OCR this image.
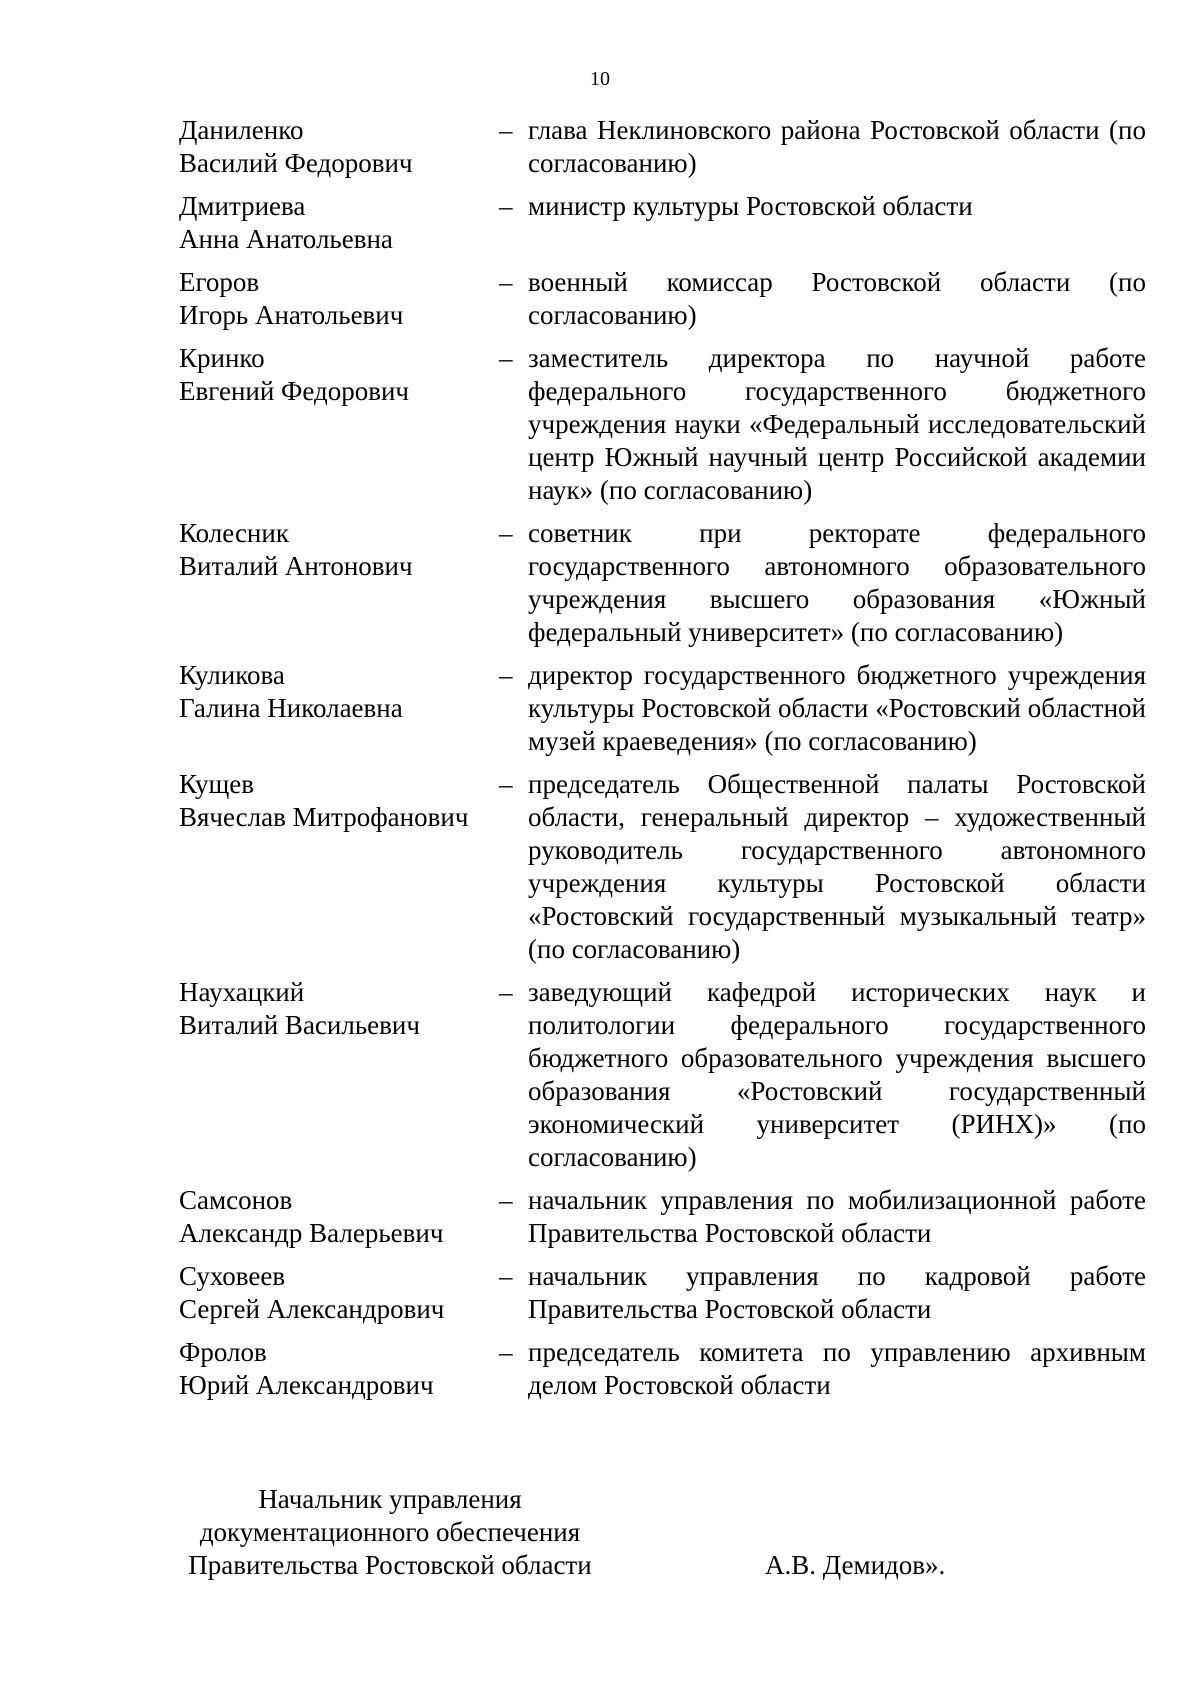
10
Даниленко
Василий Федорович
– глава Неклиновского района Ростовской области (по согласованию)
Дмитриева
Анна Анатольевна
– министр культуры Ростовской области
Егоров
Игорь Анатольевич
– военный комиссар Ростовской области (по согласованию)
Кринко
Евгений Федорович
– заместитель директора по научной работе федерального государственного бюджетного учреждения науки «Федеральный исследовательский центр Южный научный центр Российской академии наук» (по согласованию)
Колесник
Виталий Антонович
– советник при ректорате федерального государственного автономного образовательного учреждения высшего образования «Южный федеральный университет» (по согласованию)
Куликова
Галина Николаевна
– директор государственного бюджетного учреждения культуры Ростовской области «Ростовский областной музей краеведения» (по согласованию)
Кущев
Вячеслав Митрофанович
– председатель Общественной палаты Ростовской области, генеральный директор – художественный руководитель государственного автономного учреждения культуры Ростовской области «Ростовский государственный музыкальный театр» (по согласованию)
Наухацкий
Виталий Васильевич
– заведующий кафедрой исторических наук и политологии федерального государственного бюджетного образовательного учреждения высшего образования «Ростовский государственный экономический университет (РИНХ)» (по согласованию)
Самсонов
Александр Валерьевич
– начальник управления по мобилизационной работе Правительства Ростовской области
Суховеев
Сергей Александрович
– начальник управления по кадровой работе Правительства Ростовской области
Фролов
Юрий Александрович
– председатель комитета по управлению архивным делом Ростовской области
Начальник управления
документационного обеспечения
Правительства Ростовской области	А.В. Демидов».
